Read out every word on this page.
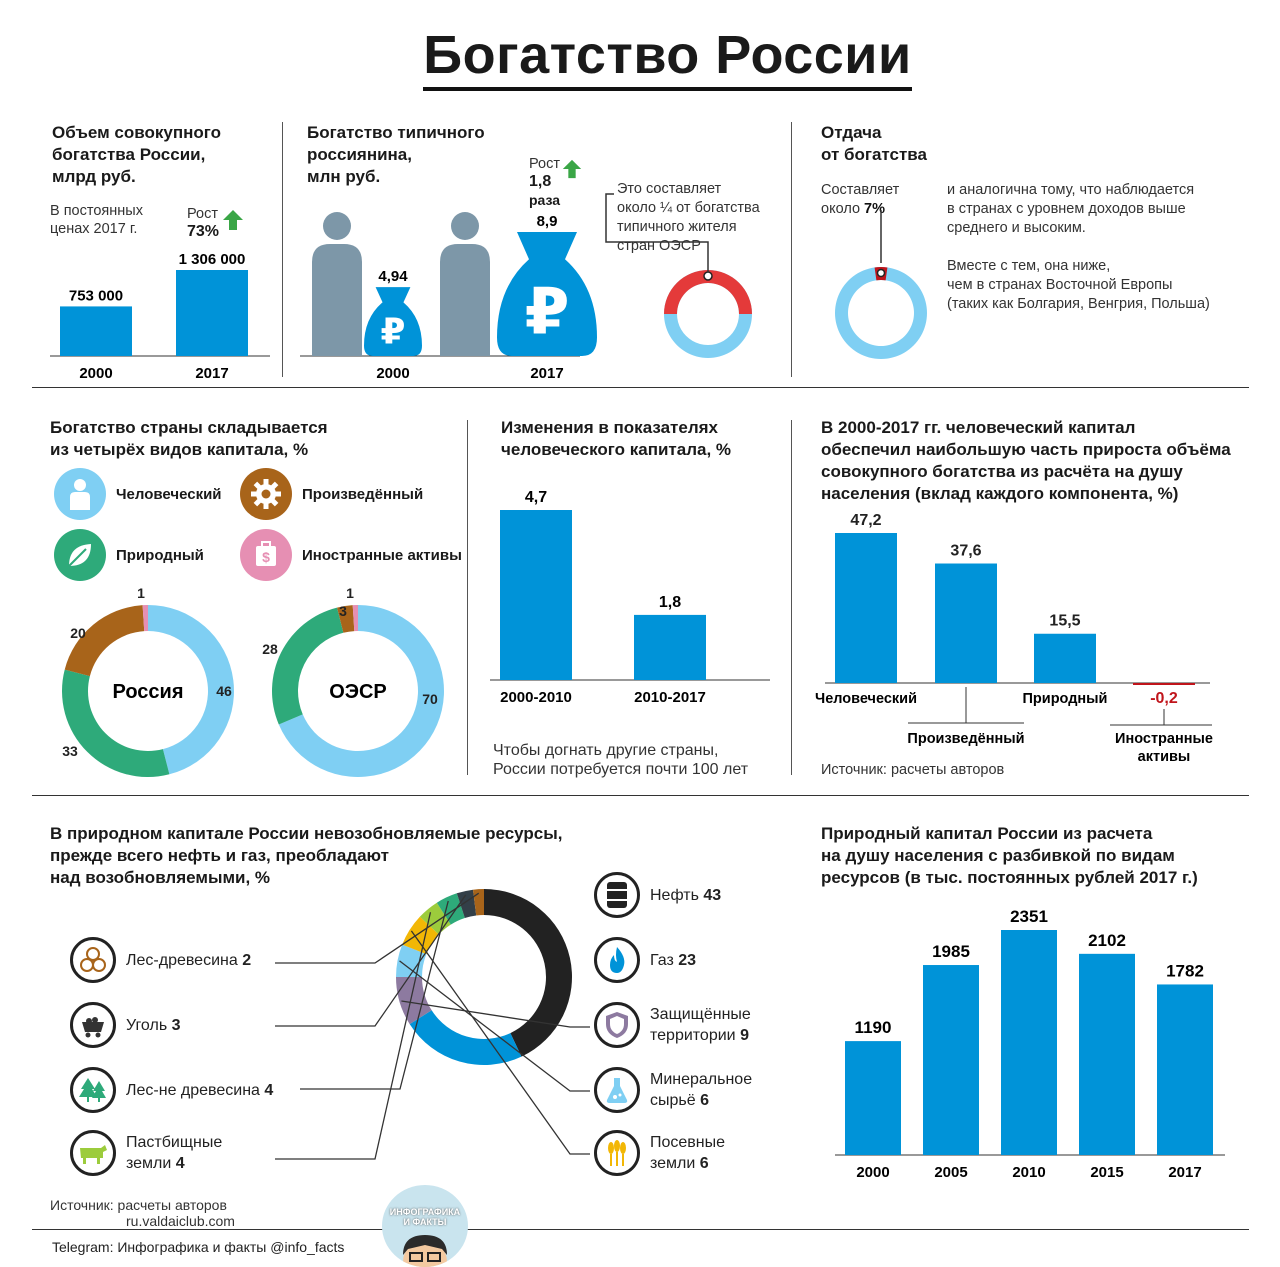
Богатство России
Объем совокупного
богатства России,
млрд руб.
В постоянных
ценах 2017 г.
Рост
73%
753 000
2000
1 306 000
2017
Богатство типичного
россиянина,
млн руб.
Рост
1,8
раза
Это составляет
около ¼ от богатства
типичного жителя
стран ОЭСР
₽
4,94
2000
₽
8,9
2017
Отдача
от богатства
Составляет
около 7%
и аналогична тому, что наблюдается
в странах с уровнем доходов выше
среднего и высоким.
Вместе с тем, она ниже,
чем в странах Восточной Европы
(таких как Болгария, Венгрия, Польша)
Богатство страны складывается
из четырёх видов капитала, %
Человеческий	Произведённый
Природный	$ Иностранные активы
46
33
20
1
Россия	70
28
3
1
ОЭСР
Изменения в показателях
человеческого капитала, %
4,7
2000-2010
1,8
2010-2017
Чтобы догнать другие страны,
России потребуется почти 100 лет
В 2000-2017 гг. человеческий капитал
обеспечил наибольшую часть прироста объёма
совокупного богатства из расчёта на душу
населения (вклад каждого компонента, %)
47,2
37,6
15,5
-0,2
Человеческий	Природный
Произведённый	Иностранные
активы
Источник: расчеты авторов
В природном капитале России невозобновляемые ресурсы,
прежде всего нефть и газ, преобладают
над возобновляемыми, %
Нефть 43
Газ 23
Защищённые
территории 9
Минеральное
сырьё 6
Посевные
земли 6
Лес-древесина 2
Уголь 3
Лес-не древесина 4
Пастбищные
земли 4
Источник: расчеты авторов
ru.valdaiclub.com
Природный капитал России из расчета
на душу населения с разбивкой по видам
ресурсов (в тыс. постоянных рублей 2017 г.)
1190
2000
1985
2005
2351
2010
2102
2015
1782
2017
Telegram: Инфографика и факты @info_facts
ИНФОГРАФИКА
И ФАКТЫ
